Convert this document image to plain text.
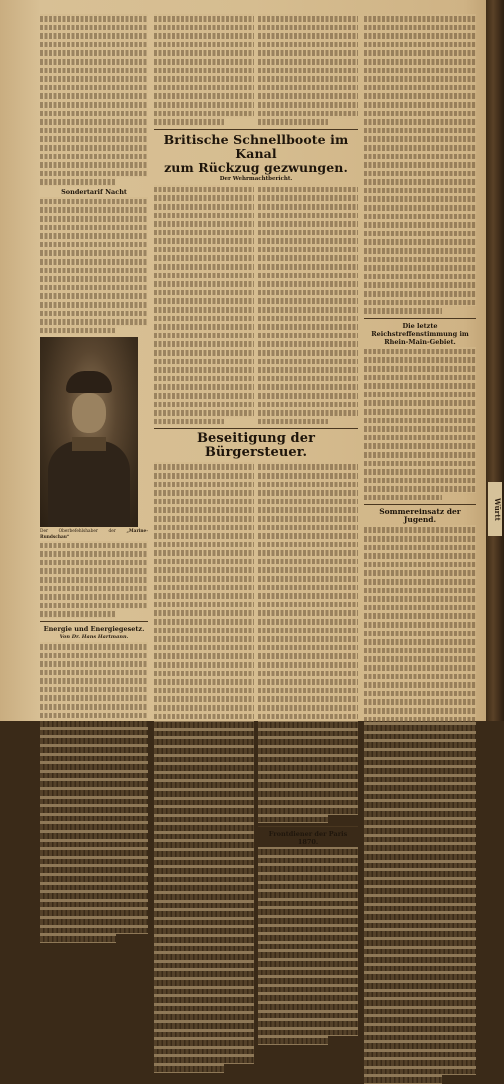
Sondertarif Nacht

Der Oberbefehlshaber der „Marine-Rundschau“

Energie und Energiegesetz.
Von Dr. Hans Hartmann.

Britische Schnellboote im Kanal

zum Rückzug gezwungen.

Der Wehrmachtbericht.

Beseitigung der Bürgersteuer.

Frontdiener der Paris 1870.
Die letzte Reichstreffenstimmung im Rhein-Main-Gebiet.
Sommereinsatz der Jugend.	Württ
